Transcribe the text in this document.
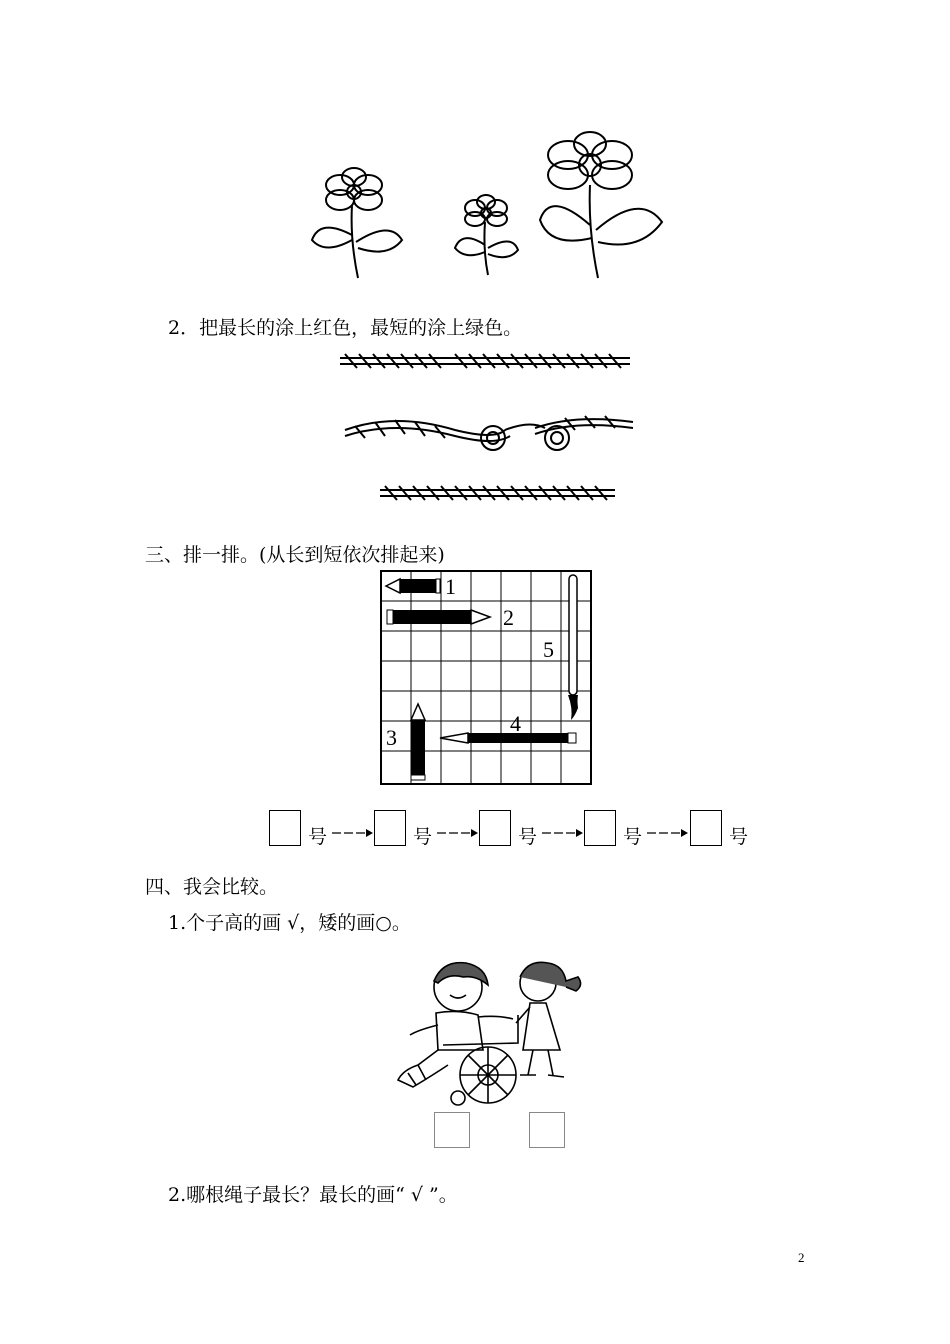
2．把最长的涂上红色，最短的涂上绿色。
三、排一排。(从长到短依次排起来)
1
2
5
3
4
号	号	号	号	号
四、我会比较。
1.个子高的画 √，矮的画○。
2.哪根绳子最长？最长的画“ √ ”。
2
